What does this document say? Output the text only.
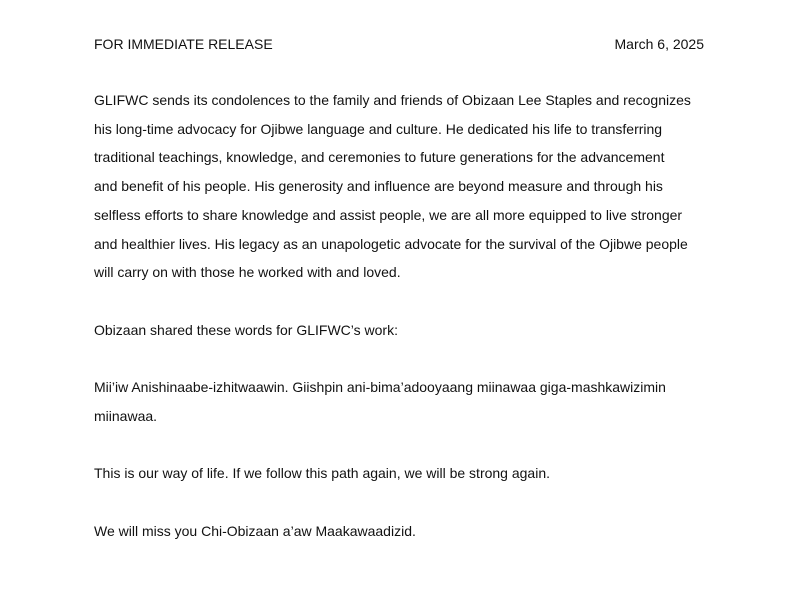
FOR IMMEDIATE RELEASE	March 6, 2025
GLIFWC sends its condolences to the family and friends of Obizaan Lee Staples and recognizes
his long-time advocacy for Ojibwe language and culture. He dedicated his life to transferring
traditional teachings, knowledge, and ceremonies to future generations for the advancement
and benefit of his people. His generosity and influence are beyond measure and through his
selfless efforts to share knowledge and assist people, we are all more equipped to live stronger
and healthier lives. His legacy as an unapologetic advocate for the survival of the Ojibwe people
will carry on with those he worked with and loved.
Obizaan shared these words for GLIFWC’s work:
Mii’iw Anishinaabe-izhitwaawin. Giishpin ani-bima’adooyaang miinawaa giga-mashkawizimin
miinawaa.
This is our way of life. If we follow this path again, we will be strong again.
We will miss you Chi-Obizaan a’aw Maakawaadizid.
